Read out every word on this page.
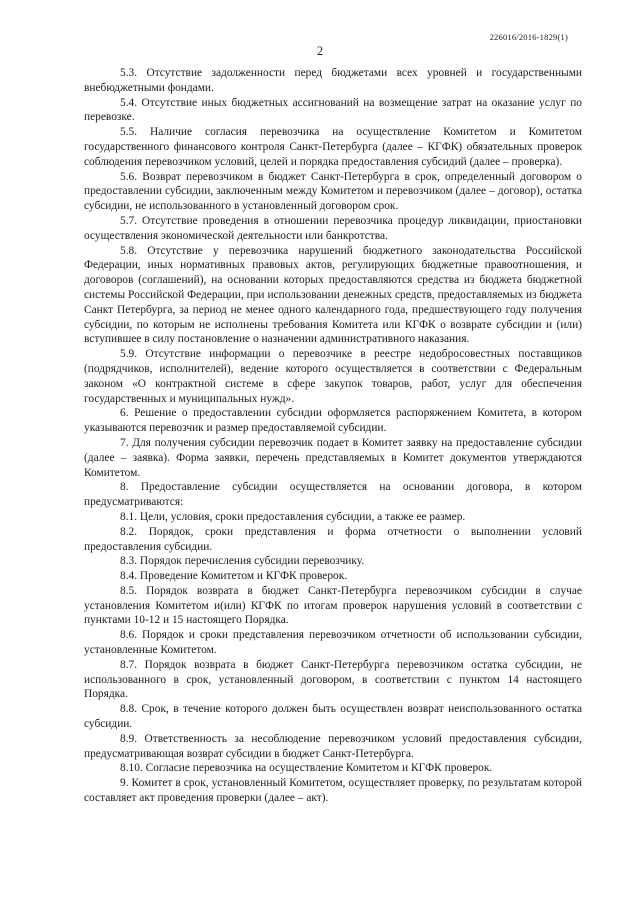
226016/2016-1829(1)
2

5.3. Отсутствие задолженности перед бюджетами всех уровней и государственными внебюджетными фондами.

5.4. Отсутствие иных бюджетных ассигнований на возмещение затрат на оказание услуг по перевозке.

5.5. Наличие согласия перевозчика на осуществление Комитетом и Комитетом государственного финансового контроля Санкт-Петербурга (далее – КГФК) обязательных проверок соблюдения перевозчиком условий, целей и порядка предоставления субсидий (далее – проверка).

5.6. Возврат перевозчиком в бюджет Санкт-Петербурга в срок, определенный договором о предоставлении субсидии, заключенным между Комитетом и перевозчиком (далее – договор), остатка субсидии, не использованного в установленный договором срок.

5.7. Отсутствие проведения в отношении перевозчика процедур ликвидации, приостановки осуществления экономической деятельности или банкротства.

5.8. Отсутствие у перевозчика нарушений бюджетного законодательства Российской Федерации, иных нормативных правовых актов, регулирующих бюджетные правоотношения, и договоров (соглашений), на основании которых предоставляются средства из бюджета бюджетной системы Российской Федерации, при использовании денежных средств, предоставляемых из бюджета Санкт Петербурга, за период не менее одного календарного года, предшествующего году получения субсидии, по которым не исполнены требования Комитета или КГФК о возврате субсидии и (или) вступившее в силу постановление о назначении административного наказания.

5.9. Отсутствие информации о перевозчике в реестре недобросовестных поставщиков (подрядчиков, исполнителей), ведение которого осуществляется в соответствии с Федеральным законом «О контрактной системе в сфере закупок товаров, работ, услуг для обеспечения государственных и муниципальных нужд».

6. Решение о предоставлении субсидии оформляется распоряжением Комитета, в котором указываются перевозчик и размер предоставляемой субсидии.

7. Для получения субсидии перевозчик подает в Комитет заявку на предоставление субсидии (далее – заявка). Форма заявки, перечень представляемых в Комитет документов утверждаются Комитетом.

8. Предоставление субсидии осуществляется на основании договора, в котором предусматриваются:

8.1. Цели, условия, сроки предоставления субсидии, а также ее размер.

8.2. Порядок, сроки представления и форма отчетности о выполнении условий предоставления субсидии.

8.3. Порядок перечисления субсидии перевозчику.

8.4. Проведение Комитетом и КГФК проверок.

8.5. Порядок возврата в бюджет Санкт-Петербурга перевозчиком субсидии в случае установления Комитетом и(или) КГФК по итогам проверок нарушения условий в соответствии с пунктами 10-12 и 15 настоящего Порядка.

8.6. Порядок и сроки представления перевозчиком отчетности об использовании субсидии, установленные Комитетом.

8.7. Порядок возврата в бюджет Санкт-Петербурга перевозчиком остатка субсидии, не использованного в срок, установленный договором, в соответствии с пунктом 14 настоящего Порядка.

8.8. Срок, в течение которого должен быть осуществлен возврат неиспользованного остатка субсидии.

8.9. Ответственность за несоблюдение перевозчиком условий предоставления субсидии, предусматривающая возврат субсидии в бюджет Санкт-Петербурга.

8.10. Согласие перевозчика на осуществление Комитетом и КГФК проверок.

9. Комитет в срок, установленный Комитетом, осуществляет проверку, по результатам которой составляет акт проведения проверки (далее – акт).
